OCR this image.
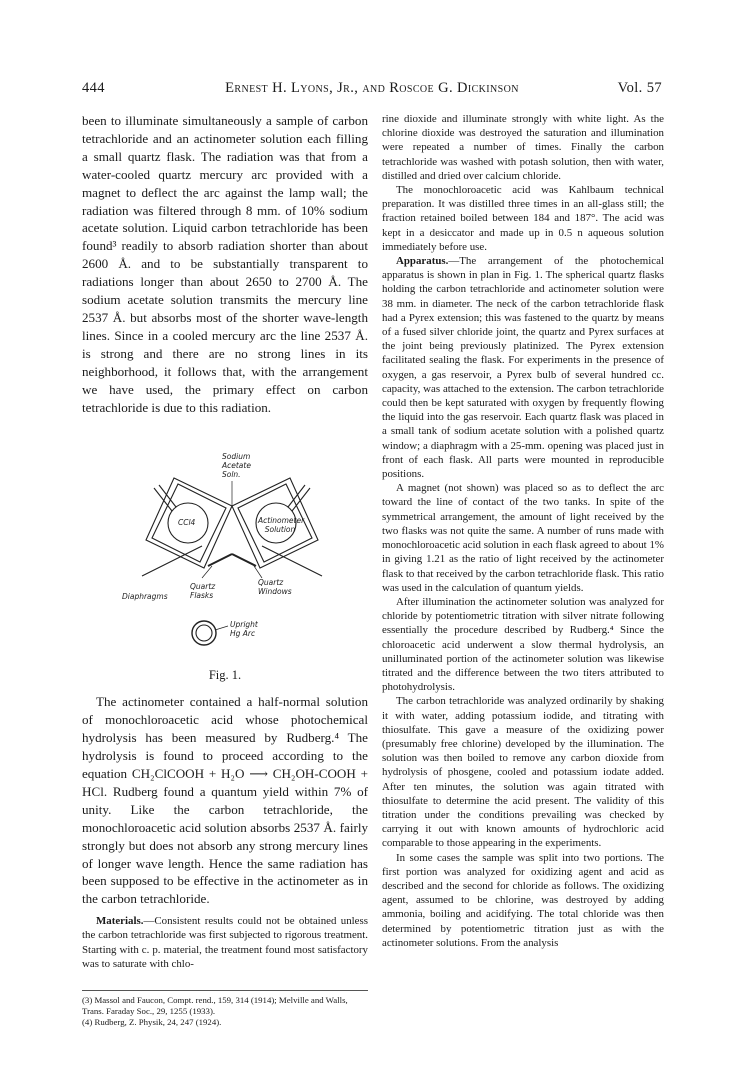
444	Ernest H. Lyons, Jr., and Roscoe G. Dickinson	Vol. 57

been to illuminate simultaneously a sample of carbon tetrachloride and an actinometer solution each filling a small quartz flask. The radiation was that from a water-cooled quartz mercury arc provided with a magnet to deflect the arc against the lamp wall; the radiation was filtered through 8 mm. of 10% sodium acetate solution. Liquid carbon tetrachloride has been found³ readily to absorb radiation shorter than about 2600 Å. and to be substantially transparent to radiations longer than about 2650 to 2700 Å. The sodium acetate solution transmits the mercury line 2537 Å. but absorbs most of the shorter wave-length lines. Since in a cooled mercury arc the line 2537 Å. is strong and there are no strong lines in its neighborhood, it follows that, with the arrangement we have used, the primary effect on carbon tetrachloride is due to this radiation.

Sodium Acetate Soln.
CCl4	Actinometer Solution
Quartz Flasks
Quartz Windows
Diaphragms
Upright Hg Arc
Fig. 1.

The actinometer contained a half-normal solution of monochloroacetic acid whose photochemical hydrolysis has been measured by Rudberg.⁴ The hydrolysis is found to proceed according to the equation CH₂ClCOOH + H₂O ⟶ CH₂OH-COOH + HCl. Rudberg found a quantum yield within 7% of unity. Like the carbon tetrachloride, the monochloroacetic acid solution absorbs 2537 Å. fairly strongly but does not absorb any strong mercury lines of longer wave length. Hence the same radiation has been supposed to be effective in the actinometer as in the carbon tetrachloride.

Materials.—Consistent results could not be obtained unless the carbon tetrachloride was first subjected to rigorous treatment. Starting with c. p. material, the treatment found most satisfactory was to saturate with chlo-

(3) Massol and Faucon, Compt. rend., 159, 314 (1914); Melville and Walls, Trans. Faraday Soc., 29, 1255 (1933).

(4) Rudberg, Z. Physik, 24, 247 (1924).

rine dioxide and illuminate strongly with white light. As the chlorine dioxide was destroyed the saturation and illumination were repeated a number of times. Finally the carbon tetrachloride was washed with potash solution, then with water, distilled and dried over calcium chloride.

The monochloroacetic acid was Kahlbaum technical preparation. It was distilled three times in an all-glass still; the fraction retained boiled between 184 and 187°. The acid was kept in a desiccator and made up in 0.5 n aqueous solution immediately before use.

Apparatus.—The arrangement of the photochemical apparatus is shown in plan in Fig. 1. The spherical quartz flasks holding the carbon tetrachloride and actinometer solution were 38 mm. in diameter. The neck of the carbon tetrachloride flask had a Pyrex extension; this was fastened to the quartz by means of a fused silver chloride joint, the quartz and Pyrex surfaces at the joint being previously platinized. The Pyrex extension facilitated sealing the flask. For experiments in the presence of oxygen, a gas reservoir, a Pyrex bulb of several hundred cc. capacity, was attached to the extension. The carbon tetrachloride could then be kept saturated with oxygen by frequently flowing the liquid into the gas reservoir. Each quartz flask was placed in a small tank of sodium acetate solution with a polished quartz window; a diaphragm with a 25-mm. opening was placed just in front of each flask. All parts were mounted in reproducible positions.

A magnet (not shown) was placed so as to deflect the arc toward the line of contact of the two tanks. In spite of the symmetrical arrangement, the amount of light received by the two flasks was not quite the same. A number of runs made with monochloroacetic acid solution in each flask agreed to about 1% in giving 1.21 as the ratio of light received by the actinometer flask to that received by the carbon tetrachloride flask. This ratio was used in the calculation of quantum yields.

After illumination the actinometer solution was analyzed for chloride by potentiometric titration with silver nitrate following essentially the procedure described by Rudberg.⁴ Since the chloroacetic acid underwent a slow thermal hydrolysis, an unilluminated portion of the actinometer solution was likewise titrated and the difference between the two titers attributed to photohydrolysis.

The carbon tetrachloride was analyzed ordinarily by shaking it with water, adding potassium iodide, and titrating with thiosulfate. This gave a measure of the oxidizing power (presumably free chlorine) developed by the illumination. The solution was then boiled to remove any carbon dioxide from hydrolysis of phosgene, cooled and potassium iodate added. After ten minutes, the solution was again titrated with thiosulfate to determine the acid present. The validity of this titration under the conditions prevailing was checked by carrying it out with known amounts of hydrochloric acid comparable to those appearing in the experiments.

In some cases the sample was split into two portions. The first portion was analyzed for oxidizing agent and acid as described and the second for chloride as follows. The oxidizing agent, assumed to be chlorine, was destroyed by adding ammonia, boiling and acidifying. The total chloride was then determined by potentiometric titration just as with the actinometer solutions. From the analysis
